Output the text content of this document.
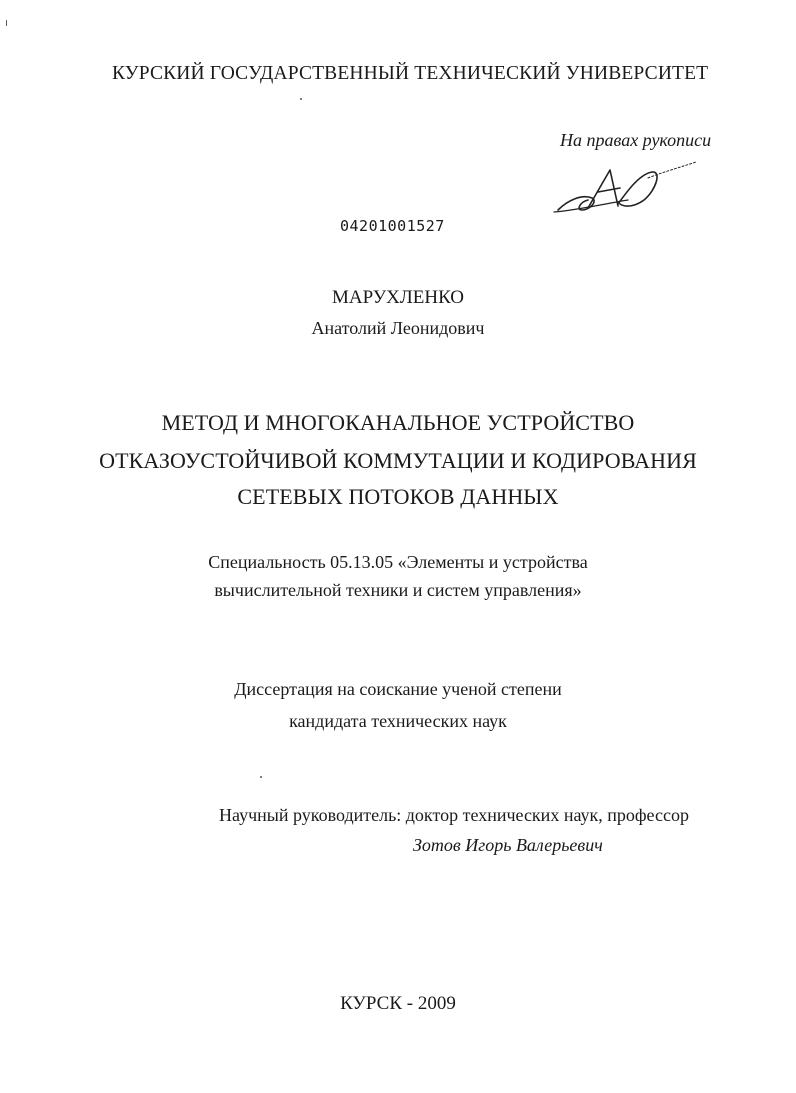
КУРСКИЙ ГОСУДАРСТВЕННЫЙ ТЕХНИЧЕСКИЙ УНИВЕРСИТЕТ
На правах рукописи
04201001527
МАРУХЛЕНКО
Анатолий Леонидович
МЕТОД И МНОГОКАНАЛЬНОЕ УСТРОЙСТВО
ОТКАЗОУСТОЙЧИВОЙ КОММУТАЦИИ И КОДИРОВАНИЯ
СЕТЕВЫХ ПОТОКОВ ДАННЫХ
Специальность 05.13.05 «Элементы и устройства
вычислительной техники и систем управления»
Диссертация на соискание ученой степени
кандидата технических наук
Научный руководитель: доктор технических наук, профессор
Зотов Игорь Валерьевич
КУРСК - 2009
